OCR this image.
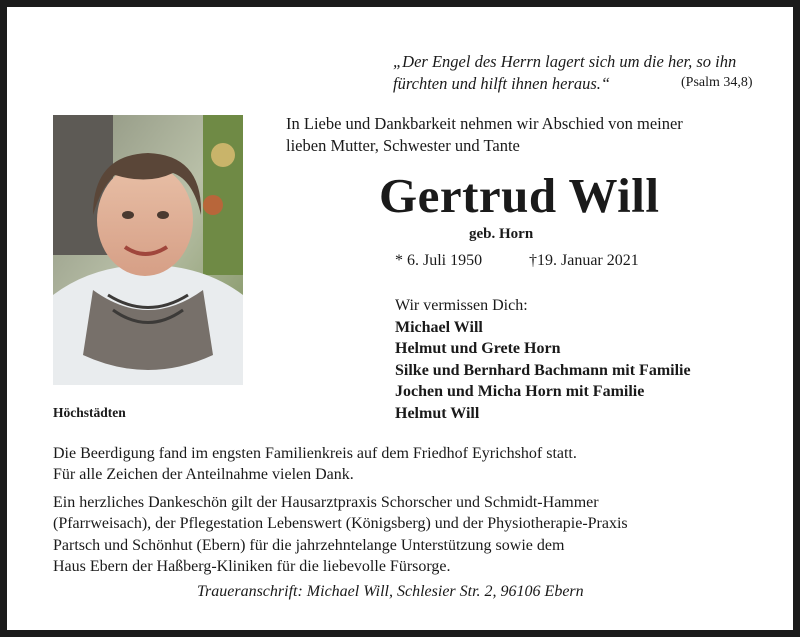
„Der Engel des Herrn lagert sich um die her, so ihn
fürchten und hilft ihnen heraus.“	(Psalm 34,8)
In Liebe und Dankbarkeit nehmen wir Abschied von meiner
lieben Mutter, Schwester und Tante
Gertrud Will
geb. Horn
* 6. Juli 1950	†19. Januar 2021
Wir vermissen Dich:
Michael Will
Helmut und Grete Horn
Silke und Bernhard Bachmann mit Familie
Jochen und Micha Horn mit Familie
Helmut Will
Höchstädten
Die Beerdigung fand im engsten Familienkreis auf dem Friedhof Eyrichshof statt.
Für alle Zeichen der Anteilnahme vielen Dank.
Ein herzliches Dankeschön gilt der Hausarztpraxis Schorscher und Schmidt-Hammer
(Pfarrweisach), der Pflegestation Lebenswert (Königsberg) und der Physiotherapie-Praxis
Partsch und Schönhut (Ebern) für die jahrzehntelange Unterstützung sowie dem
Haus Ebern der Haßberg-Kliniken für die liebevolle Fürsorge.
Traueranschrift: Michael Will, Schlesier Str. 2, 96106 Ebern
